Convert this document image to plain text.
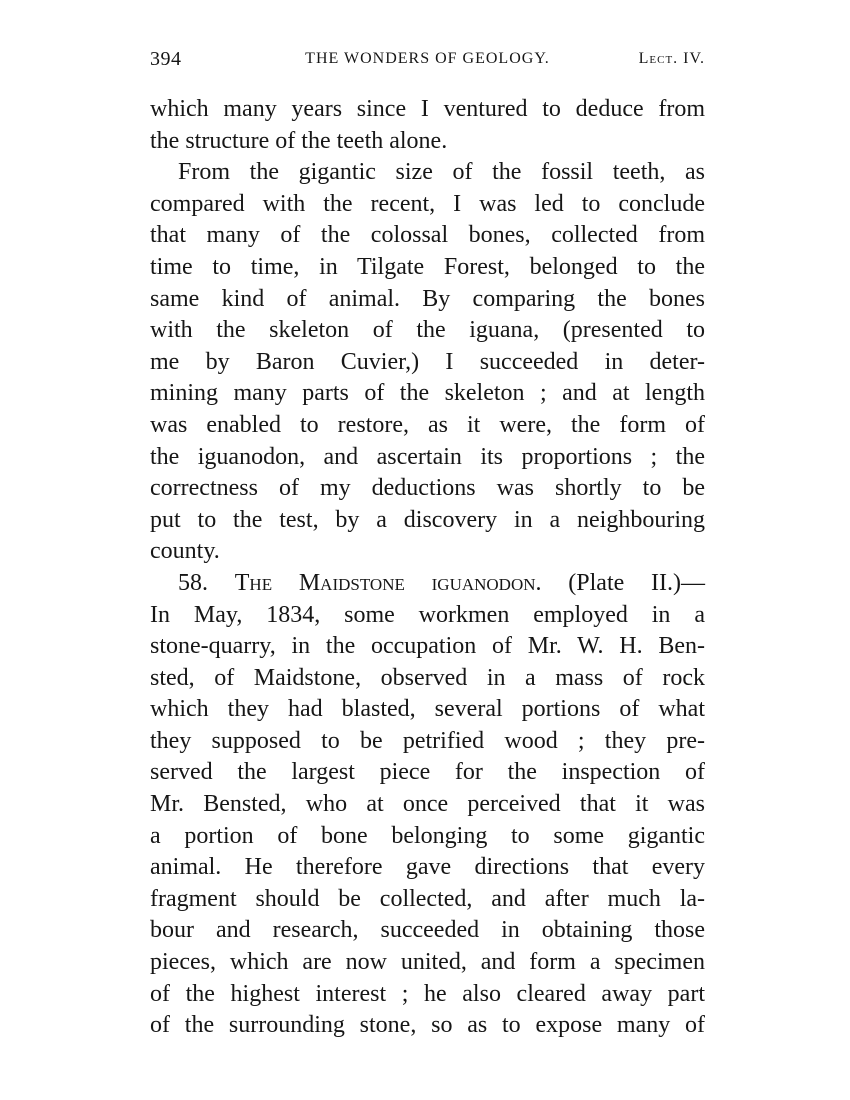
394	THE WONDERS OF GEOLOGY.	Lect. IV.
which many years since I ventured to deduce from
the structure of the teeth alone.
From the gigantic size of the fossil teeth, as
compared with the recent, I was led to conclude
that many of the colossal bones, collected from
time to time, in Tilgate Forest, belonged to the
same kind of animal. By comparing the bones
with the skeleton of the iguana, (presented to
me by Baron Cuvier,) I succeeded in deter-
mining many parts of the skeleton ; and at length
was enabled to restore, as it were, the form of
the iguanodon, and ascertain its proportions ; the
correctness of my deductions was shortly to be
put to the test, by a discovery in a neighbouring
county.
58. The Maidstone iguanodon. (Plate II.)—
In May, 1834, some workmen employed in a
stone-quarry, in the occupation of Mr. W. H. Ben-
sted, of Maidstone, observed in a mass of rock
which they had blasted, several portions of what
they supposed to be petrified wood ; they pre-
served the largest piece for the inspection of
Mr. Bensted, who at once perceived that it was
a portion of bone belonging to some gigantic
animal. He therefore gave directions that every
fragment should be collected, and after much la-
bour and research, succeeded in obtaining those
pieces, which are now united, and form a specimen
of the highest interest ; he also cleared away part
of the surrounding stone, so as to expose many of
